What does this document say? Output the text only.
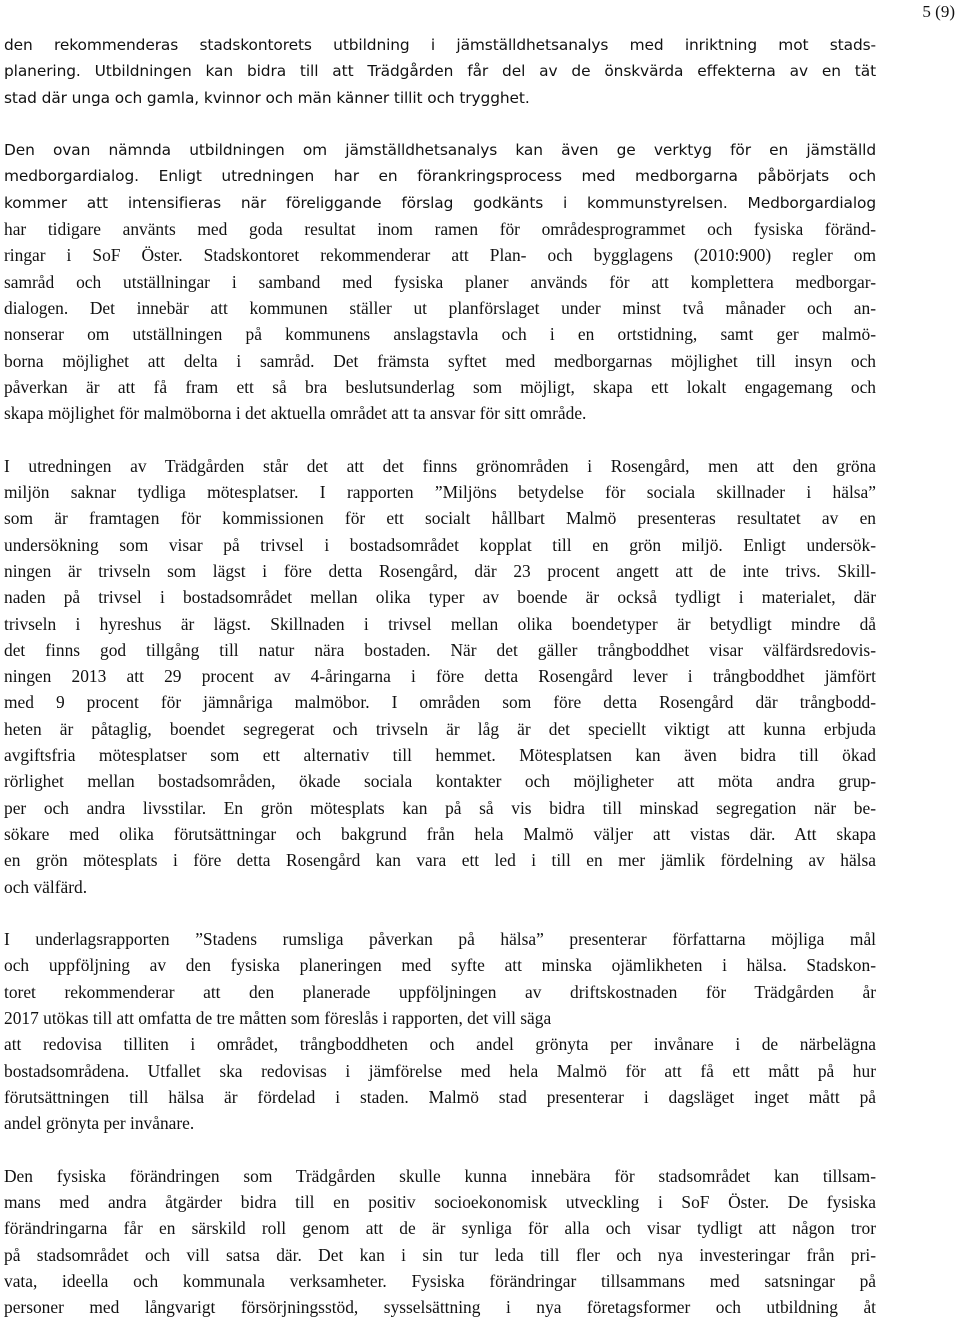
5 (9)
den rekommenderas stadskontorets utbildning i jämställdhetsanalys med inriktning mot stads-
planering. Utbildningen kan bidra till att Trädgården får del av de önskvärda effekterna av en tät
stad där unga och gamla, kvinnor och män känner tillit och trygghet.
Den ovan nämnda utbildningen om jämställdhetsanalys kan även ge verktyg för en jämställd
medborgardialog. Enligt utredningen har en förankringsprocess med medborgarna påbörjats och
kommer att intensifieras när föreliggande förslag godkänts i kommunstyrelsen. Medborgardialog
har tidigare använts med goda resultat inom ramen för områdesprogrammet och fysiska föränd-
ringar i SoF Öster. Stadskontoret rekommenderar att Plan- och bygglagens (2010:900) regler om
samråd och utställningar i samband med fysiska planer används för att komplettera medborgar-
dialogen. Det innebär att kommunen ställer ut planförslaget under minst två månader och an-
nonserar om utställningen på kommunens anslagstavla och i en ortstidning, samt ger malmö-
borna möjlighet att delta i samråd. Det främsta syftet med medborgarnas möjlighet till insyn och
påverkan är att få fram ett så bra beslutsunderlag som möjligt, skapa ett lokalt engagemang och
skapa möjlighet för malmöborna i det aktuella området att ta ansvar för sitt område.
I utredningen av Trädgården står det att det finns grönområden i Rosengård, men att den gröna
miljön saknar tydliga mötesplatser. I rapporten ”Miljöns betydelse för sociala skillnader i hälsa”
som är framtagen för kommissionen för ett socialt hållbart Malmö presenteras resultatet av en
undersökning som visar på trivsel i bostadsområdet kopplat till en grön miljö. Enligt undersök-
ningen är trivseln som lägst i före detta Rosengård, där 23 procent angett att de inte trivs. Skill-
naden på trivsel i bostadsområdet mellan olika typer av boende är också tydligt i materialet, där
trivseln i hyreshus är lägst. Skillnaden i trivsel mellan olika boendetyper är betydligt mindre då
det finns god tillgång till natur nära bostaden. När det gäller trångboddhet visar välfärdsredovis-
ningen 2013 att 29 procent av 4-åringarna i före detta Rosengård lever i trångboddhet jämfört
med 9 procent för jämnåriga malmöbor. I områden som före detta Rosengård där trångbodd-
heten är påtaglig, boendet segregerat och trivseln är låg är det speciellt viktigt att kunna erbjuda
avgiftsfria mötesplatser som ett alternativ till hemmet. Mötesplatsen kan även bidra till ökad
rörlighet mellan bostadsområden, ökade sociala kontakter och möjligheter att möta andra grup-
per och andra livsstilar. En grön mötesplats kan på så vis bidra till minskad segregation när be-
sökare med olika förutsättningar och bakgrund från hela Malmö väljer att vistas där. Att skapa
en grön mötesplats i före detta Rosengård kan vara ett led i till en mer jämlik fördelning av hälsa
och välfärd.
I underlagsrapporten ”Stadens rumsliga påverkan på hälsa” presenterar författarna möjliga mål
och uppföljning av den fysiska planeringen med syfte att minska ojämlikheten i hälsa. Stadskon-
toret rekommenderar att den planerade uppföljningen av driftskostnaden för Trädgården år
2017 utökas till att omfatta de tre måtten som föreslås i rapporten, det vill säga
att redovisa tilliten i området, trångboddheten och andel grönyta per invånare i de närbelägna
bostadsområdena. Utfallet ska redovisas i jämförelse med hela Malmö för att få ett mått på hur
förutsättningen till hälsa är fördelad i staden. Malmö stad presenterar i dagsläget inget mått på
andel grönyta per invånare.
Den fysiska förändringen som Trädgården skulle kunna innebära för stadsområdet kan tillsam-
mans med andra åtgärder bidra till en positiv socioekonomisk utveckling i SoF Öster. De fysiska
förändringarna får en särskild roll genom att de är synliga för alla och visar tydligt att någon tror
på stadsområdet och vill satsa där. Det kan i sin tur leda till fler och nya investeringar från pri-
vata, ideella och kommunala verksamheter. Fysiska förändringar tillsammans med satsningar på
personer med långvarigt försörjningsstöd, sysselsättning i nya företagsformer och utbildning åt
